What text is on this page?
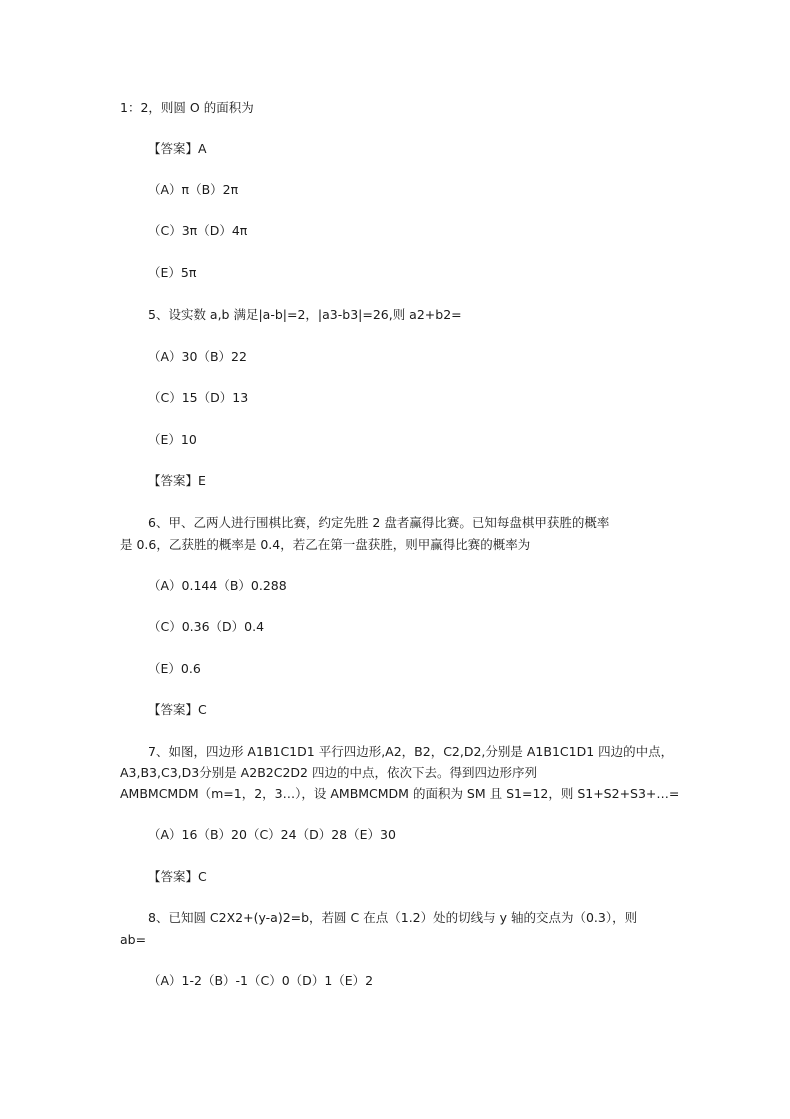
1：2，则圆 O 的面积为
【答案】A
（A）π（B）2π
（C）3π（D）4π
（E）5π
5、设实数 a,b 满足|a-b|=2，|a3-b3|=26,则 a2+b2=
（A）30（B）22
（C）15（D）13
（E）10
【答案】E
6、甲、乙两人进行围棋比赛，约定先胜 2 盘者赢得比赛。已知每盘棋甲获胜的概率
是 0.6，乙获胜的概率是 0.4，若乙在第一盘获胜，则甲赢得比赛的概率为
（A）0.144（B）0.288
（C）0.36（D）0.4
（E）0.6
【答案】C
7、如图，四边形 A1B1C1D1 平行四边形,A2，B2，C2,D2,分别是 A1B1C1D1 四边的中点，
A3,B3,C3,D3分别是 A2B2C2D2 四边的中点，依次下去。得到四边形序列
AMBMCMDM（m=1，2，3…），设 AMBMCMDM 的面积为 SM 且 S1=12，则 S1+S2+S3+…=
（A）16（B）20（C）24（D）28（E）30
【答案】C
8、已知圆 C2X2+(y-a)2=b，若圆 C 在点（1.2）处的切线与 y 轴的交点为（0.3），则
ab=
（A）1-2（B）-1（C）0（D）1（E）2
